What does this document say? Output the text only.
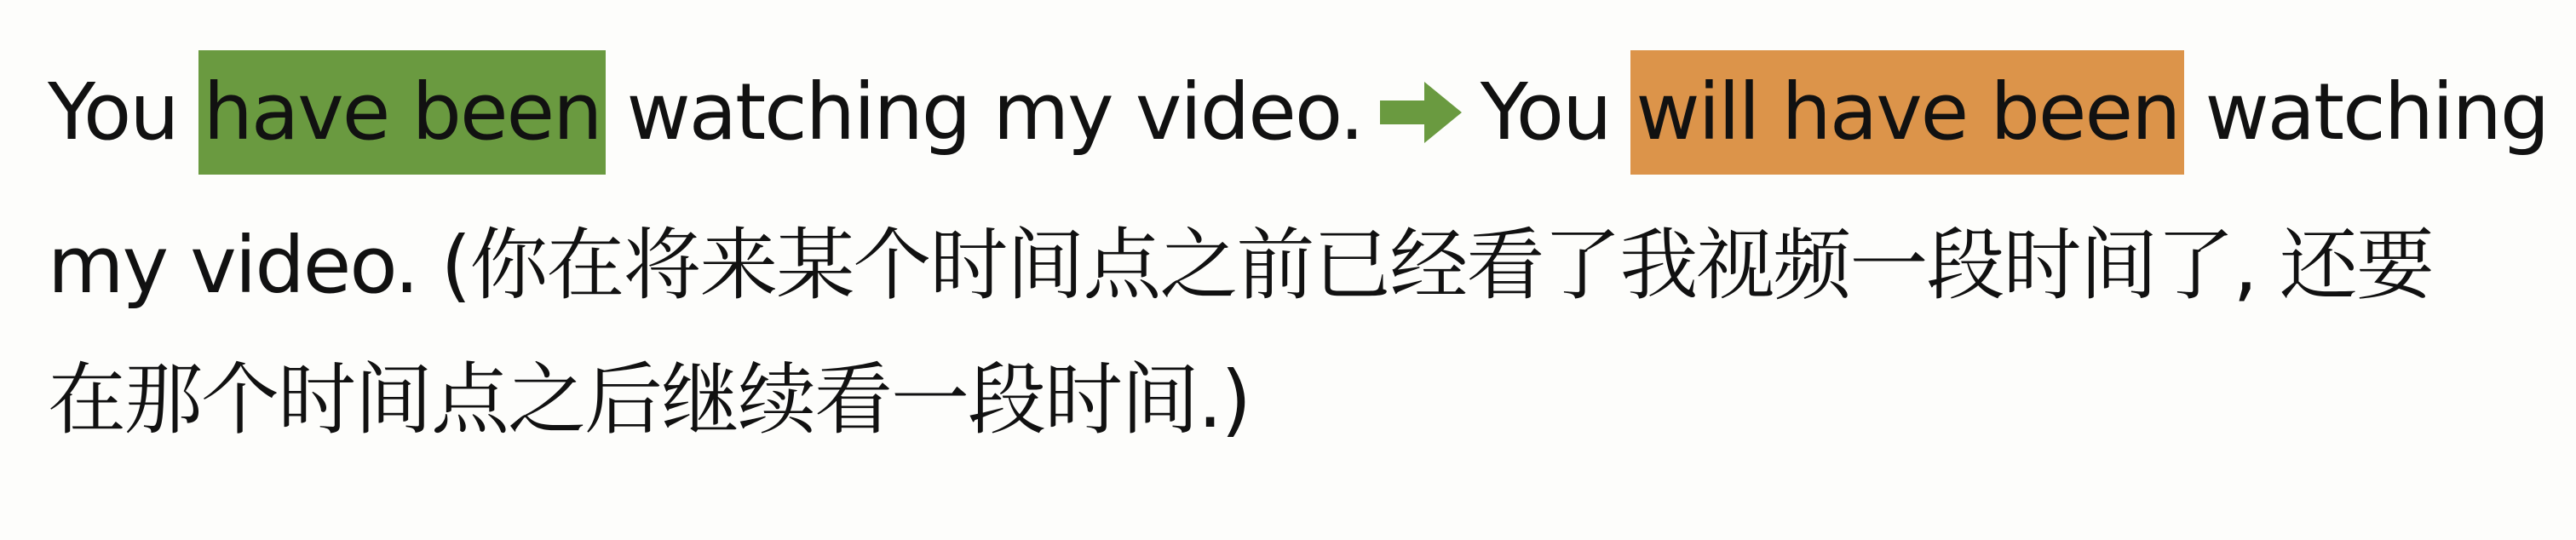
You have been watching my video. You will have been watching
my video. (你在将来某个时间点之前已经看了我视频一段时间了, 还要
在那个时间点之后继续看一段时间.)
